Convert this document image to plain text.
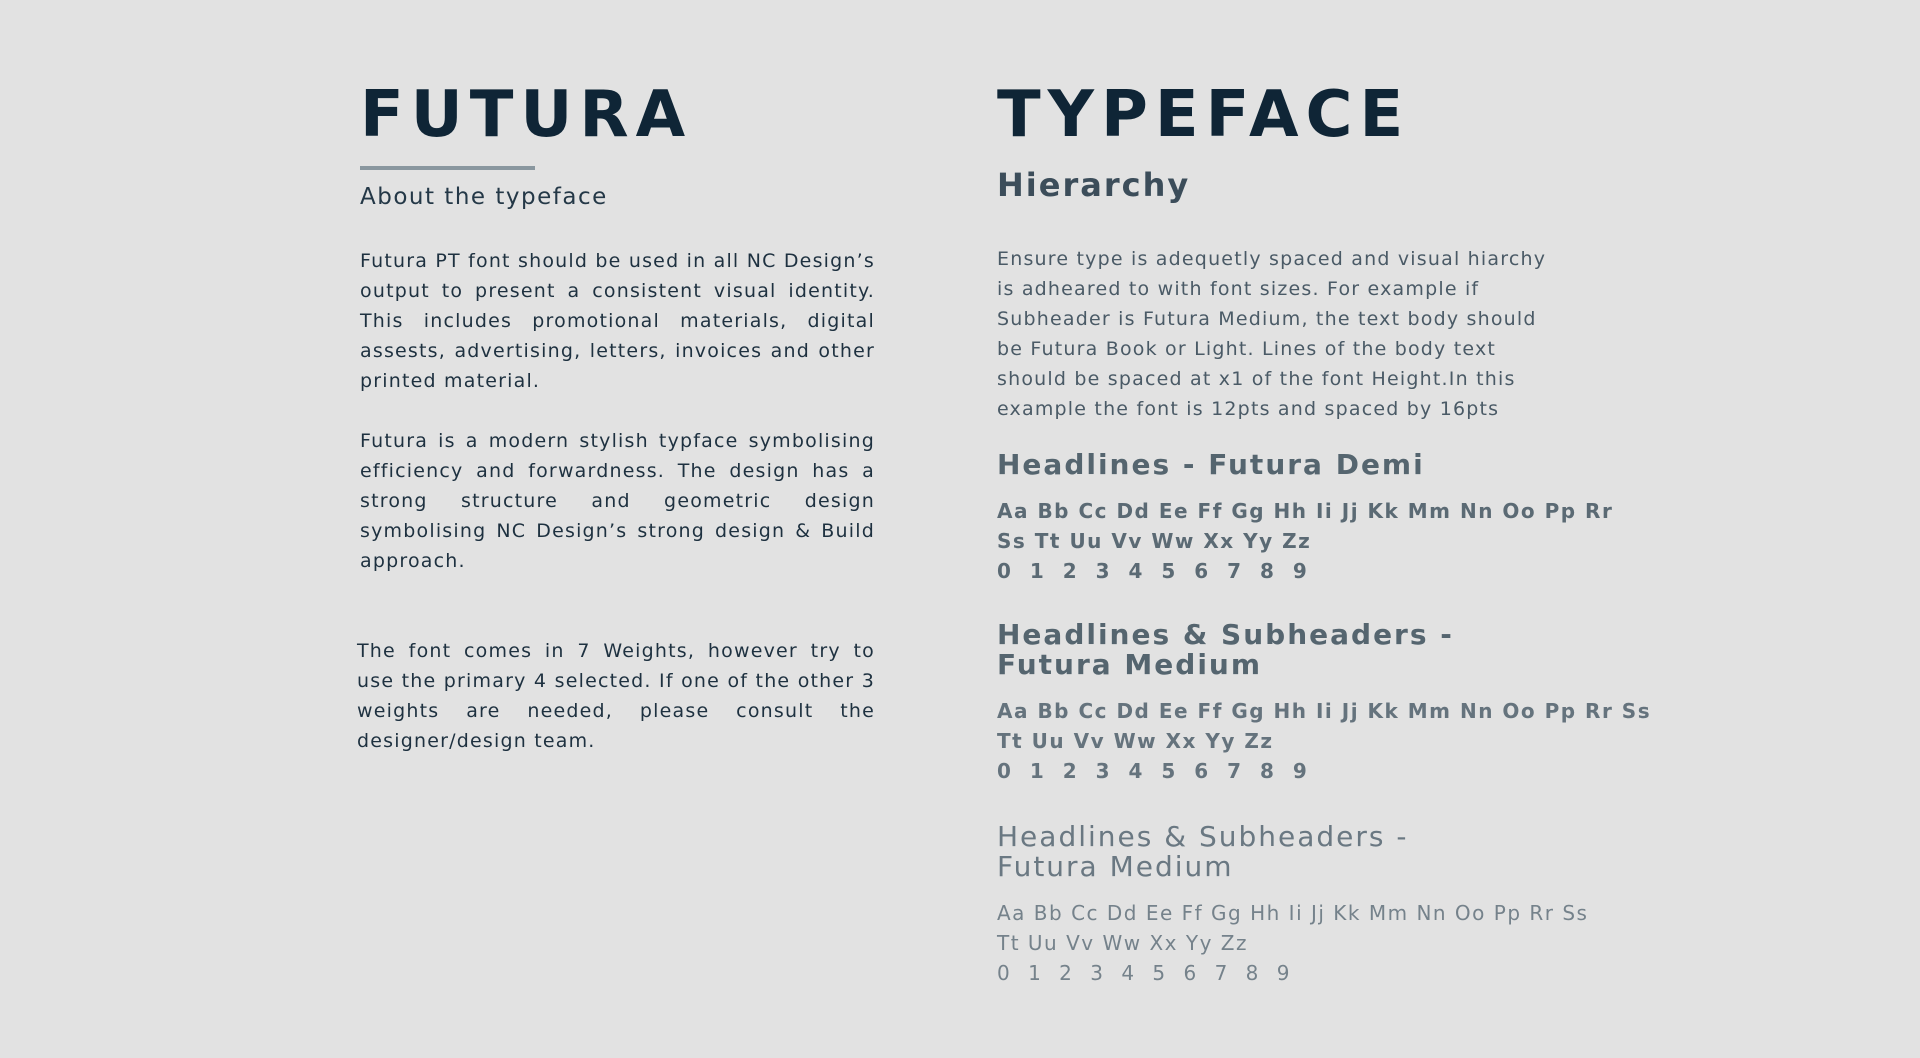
FUTURA
About the typeface

Futura PT font should be used in all NC Design’s output to present a consistent visual identity. This includes promotional materials, digital assests, advertising, letters, invoices and other printed material.

Futura is a modern stylish typface symbolising efficiency and forwardness. The design has a strong structure and geometric design symbolising NC Design’s strong design & Build approach.

The font comes in 7 Weights, however try to use the primary 4 selected. If one of the other 3 weights are needed, please consult the designer/design team.

TYPEFACE
Hierarchy

Ensure type is adequetly spaced and visual hiarchy is adheared to with font sizes. For example if Subheader is Futura Medium, the text body should be Futura Book or Light. Lines of the body text should be spaced at x1 of the font Height.In this example the font is 12pts and spaced by 16pts

Headlines - Futura Demi

Aa Bb Cc Dd Ee Ff Gg Hh Ii Jj Kk Mm Nn Oo Pp Rr
Ss Tt Uu Vv Ww Xx Yy Zz
0 1 2 3 4 5 6 7 8 9

Headlines & Subheaders -
Futura Medium

Aa Bb Cc Dd Ee Ff Gg Hh Ii Jj Kk Mm Nn Oo Pp Rr Ss
Tt Uu Vv Ww Xx Yy Zz
0 1 2 3 4 5 6 7 8 9

Headlines & Subheaders -
Futura Medium

Aa Bb Cc Dd Ee Ff Gg Hh Ii Jj Kk Mm Nn Oo Pp Rr Ss
Tt Uu Vv Ww Xx Yy Zz
0 1 2 3 4 5 6 7 8 9
